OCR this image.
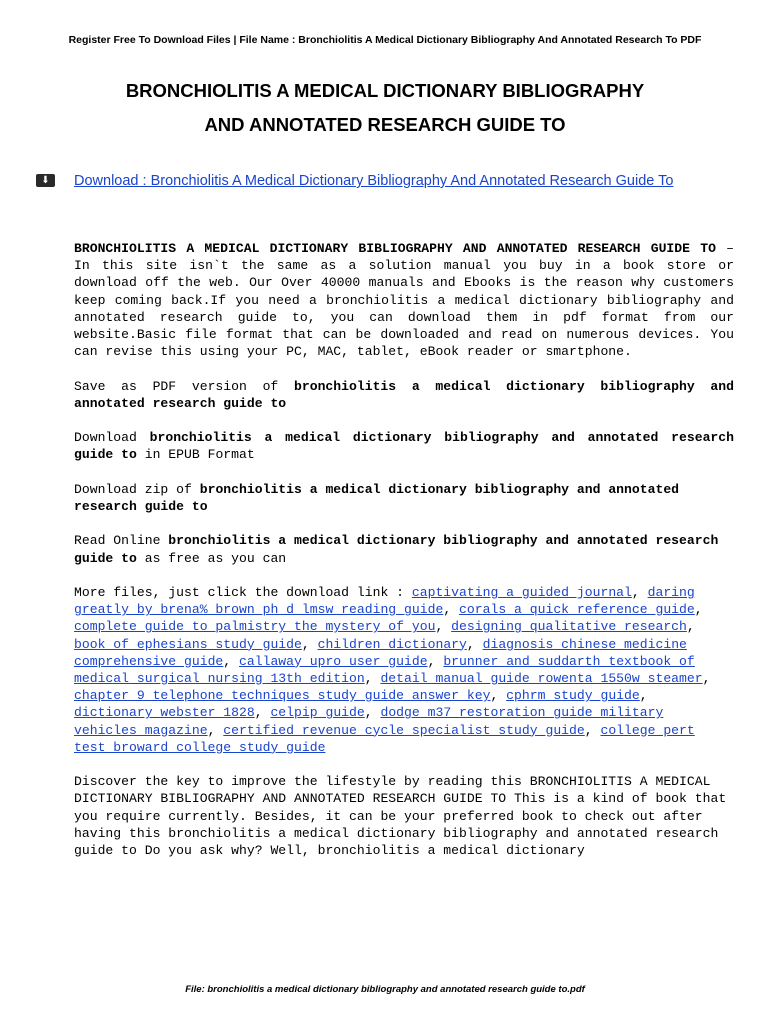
Register Free To Download Files | File Name : Bronchiolitis A Medical Dictionary Bibliography And Annotated Research To PDF
BRONCHIOLITIS A MEDICAL DICTIONARY BIBLIOGRAPHY
AND ANNOTATED RESEARCH GUIDE TO
⬇	Download : Bronchiolitis A Medical Dictionary Bibliography And Annotated Research Guide To

BRONCHIOLITIS A MEDICAL DICTIONARY BIBLIOGRAPHY AND ANNOTATED RESEARCH GUIDE TO – In this site isn`t the same as a solution manual you buy in a book store or download off the web. Our Over 40000 manuals and Ebooks is the reason why customers keep coming back.If you need a bronchiolitis a medical dictionary bibliography and annotated research guide to, you can download them in pdf format from our website.Basic file format that can be downloaded and read on numerous devices. You can revise this using your PC, MAC, tablet, eBook reader or smartphone.

Save as PDF version of bronchiolitis a medical dictionary bibliography and annotated research guide to

Download bronchiolitis a medical dictionary bibliography and annotated research guide to in EPUB Format

Download zip of bronchiolitis a medical dictionary bibliography and annotated research guide to

Read Online bronchiolitis a medical dictionary bibliography and annotated research guide to as free as you can

More files, just click the download link : captivating a guided journal, daring greatly by brena% brown ph d lmsw reading guide, corals a quick reference guide, complete guide to palmistry the mystery of you, designing qualitative research, book of ephesians study guide, children dictionary, diagnosis chinese medicine comprehensive guide, callaway upro user guide, brunner and suddarth textbook of medical surgical nursing 13th edition, detail manual guide rowenta 1550w steamer, chapter 9 telephone techniques study guide answer key, cphrm study guide, dictionary webster 1828, celpip guide, dodge m37 restoration guide military vehicles magazine, certified revenue cycle specialist study guide, college pert test broward college study guide

Discover the key to improve the lifestyle by reading this BRONCHIOLITIS A MEDICAL DICTIONARY BIBLIOGRAPHY AND ANNOTATED RESEARCH GUIDE TO This is a kind of book that you require currently. Besides, it can be your preferred book to check out after having this bronchiolitis a medical dictionary bibliography and annotated research guide to Do you ask why? Well, bronchiolitis a medical dictionary

File: bronchiolitis a medical dictionary bibliography and annotated research guide to.pdf
